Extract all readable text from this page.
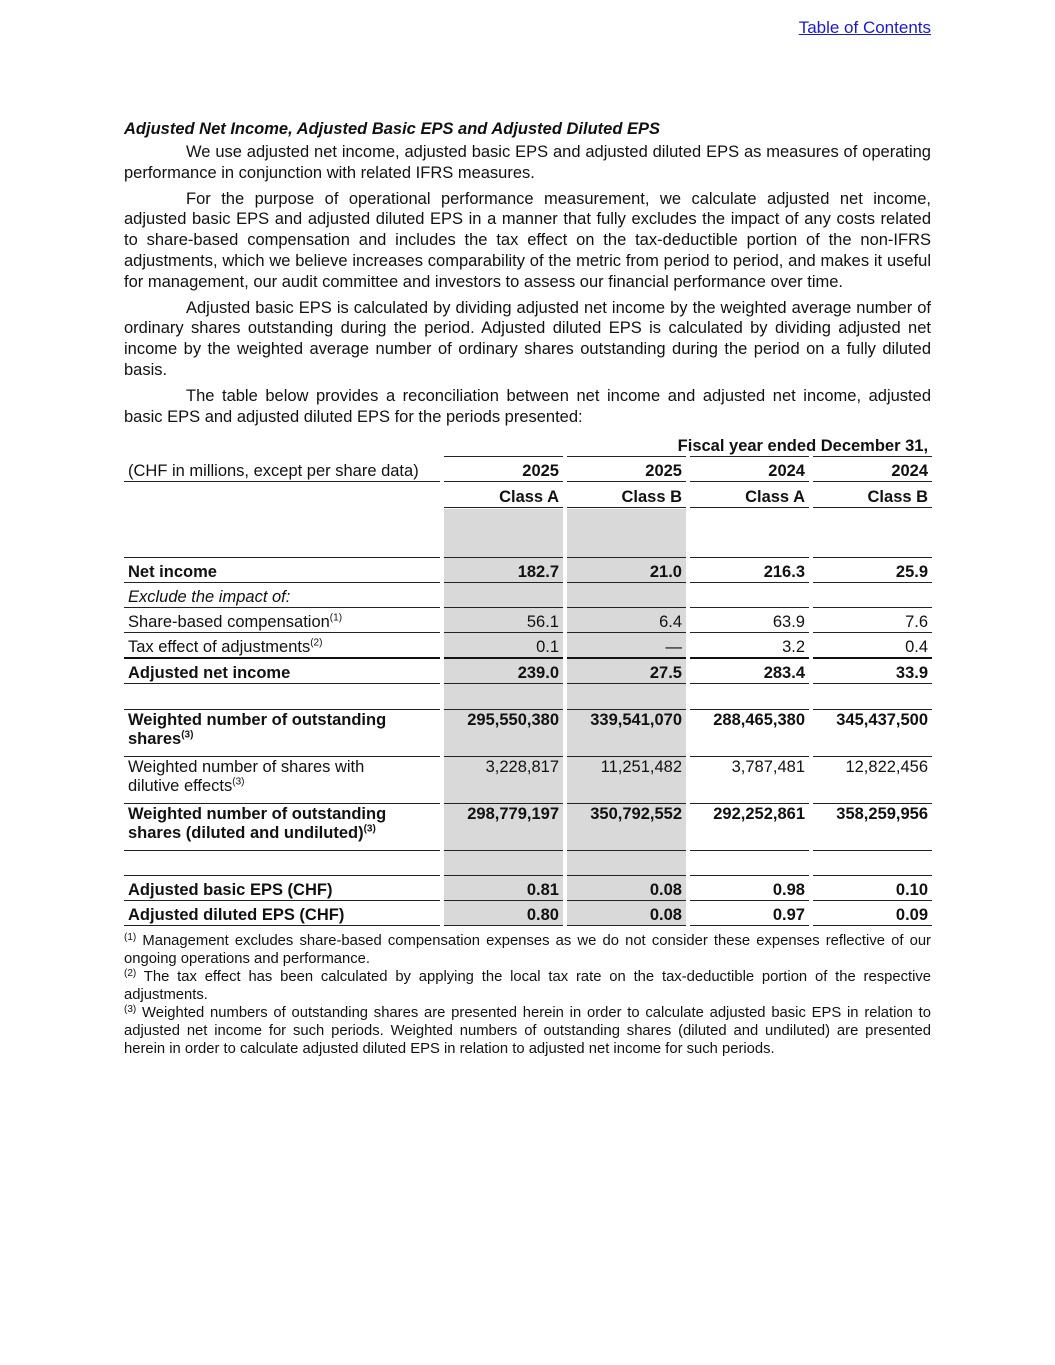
Table of Contents
Adjusted Net Income, Adjusted Basic EPS and Adjusted Diluted EPS

We use adjusted net income, adjusted basic EPS and adjusted diluted EPS as measures of operating performance in conjunction with related IFRS measures.

For the purpose of operational performance measurement, we calculate adjusted net income, adjusted basic EPS and adjusted diluted EPS in a manner that fully excludes the impact of any costs related to share-based compensation and includes the tax effect on the tax-deductible portion of the non-IFRS adjustments, which we believe increases comparability of the metric from period to period, and makes it useful for management, our audit committee and investors to assess our financial performance over time.

Adjusted basic EPS is calculated by dividing adjusted net income by the weighted average number of ordinary shares outstanding during the period. Adjusted diluted EPS is calculated by dividing adjusted net income by the weighted average number of ordinary shares outstanding during the period on a fully diluted basis.

The table below provides a reconciliation between net income and adjusted net income, adjusted basic EPS and adjusted diluted EPS for the periods presented:

		Fiscal year ended December 31,						
(CHF in millions, except per share data)		2025		2025		2024		2024
		Class A		Class B		Class A		Class B

Net income		182.7		21.0		216.3		25.9
Exclude the impact of:								
Share-based compensation$^{(1)}$		56.1		6.4		63.9		7.6
Tax effect of adjustments$^{(2)}$		0.1		—		3.2		0.4
Adjusted net income		239.0		27.5		283.4		33.9

Weighted number of outstanding
shares$^{(3)}$		295,550,380		339,541,070		288,465,380		345,437,500
Weighted number of shares with
dilutive effects$^{(3)}$		3,228,817		11,251,482		3,787,481		12,822,456
Weighted number of outstanding
shares (diluted and undiluted)$^{(3)}$		298,779,197		350,792,552		292,252,861		358,259,956

Adjusted basic EPS (CHF)		0.81		0.08		0.98		0.10
Adjusted diluted EPS (CHF)		0.80		0.08		0.97		0.09

$^{(1)}$ Management excludes share-based compensation expenses as we do not consider these expenses reflective of our ongoing operations and performance.

$^{(2)}$ The tax effect has been calculated by applying the local tax rate on the tax-deductible portion of the respective adjustments.

$^{(3)}$ Weighted numbers of outstanding shares are presented herein in order to calculate adjusted basic EPS in relation to adjusted net income for such periods. Weighted numbers of outstanding shares (diluted and undiluted) are presented herein in order to calculate adjusted diluted EPS in relation to adjusted net income for such periods.
